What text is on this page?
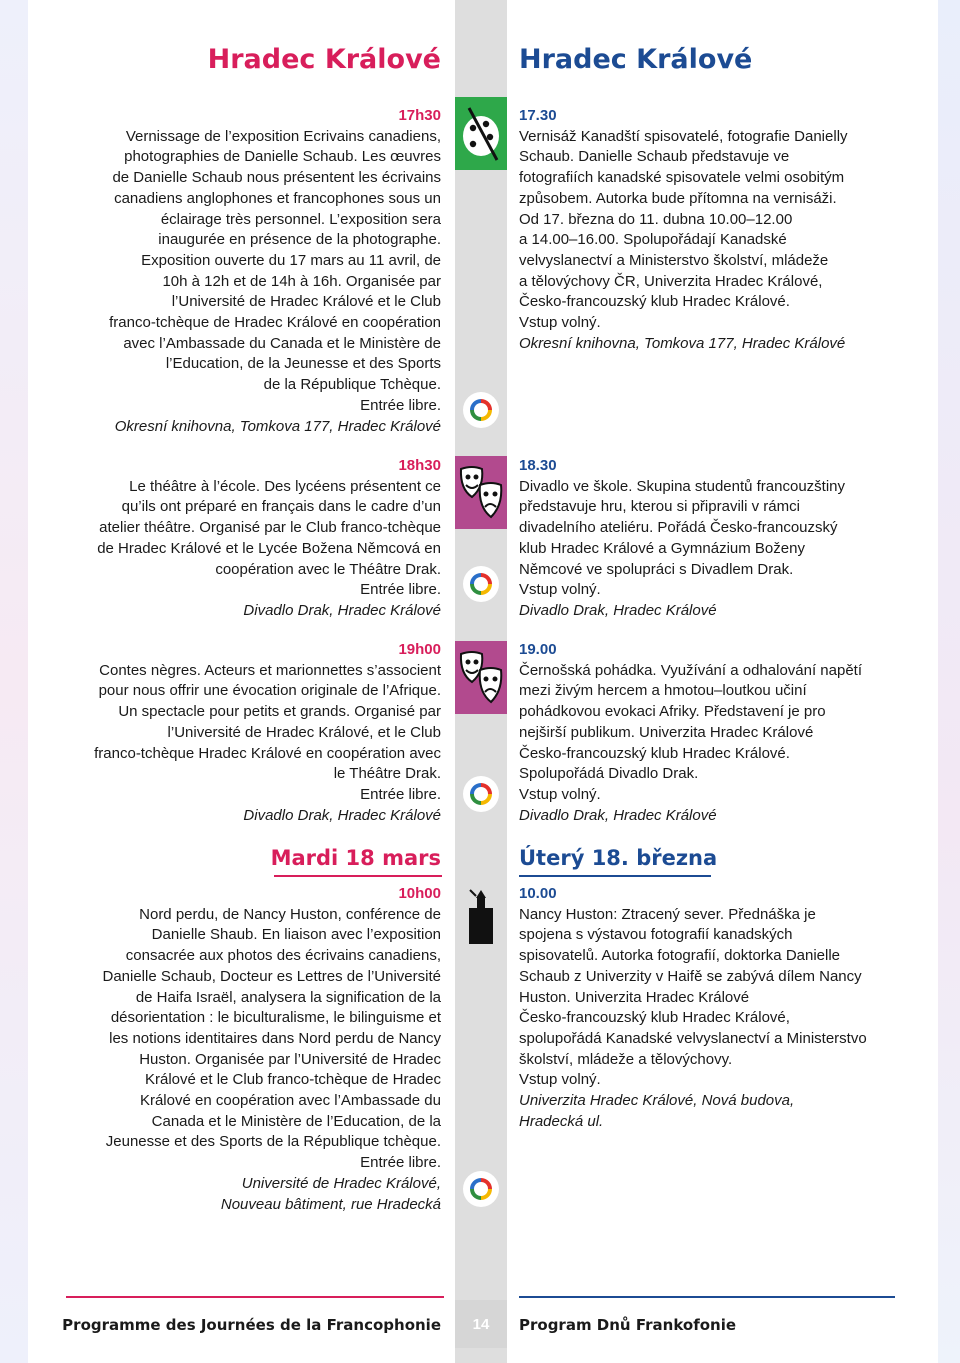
Hradec Králové	Hradec Králové
17h30
Vernissage de l’exposition Ecrivains canadiens,
photographies de Danielle Schaub. Les œuvres
de Danielle Schaub nous présentent les écrivains
canadiens anglophones et francophones sous un
éclairage très personnel. L’exposition sera
inaugurée en présence de la photographe.
Exposition ouverte du 17 mars au 11 avril, de
10h à 12h et de 14h à 16h. Organisée par
l’Université de Hradec Králové et le Club
franco-tchèque de Hradec Králové en coopération
avec l’Ambassade du Canada et le Ministère de
l’Education, de la Jeunesse et des Sports
de la République Tchèque.
Entrée libre.
Okresní knihovna, Tomkova 177, Hradec Králové
17.30
Vernisáž Kanadští spisovatelé, fotografie Danielly
Schaub. Danielle Schaub představuje ve
fotografiích kanadské spisovatele velmi osobitým
způsobem. Autorka bude přítomna na vernisáži.
Od 17. března do 11. dubna 10.00–12.00
a 14.00–16.00. Spolupořádají Kanadské
velvyslanectví a Ministerstvo školství, mládeže
a tělovýchovy ČR, Univerzita Hradec Králové,
Česko-francouzský klub Hradec Králové.
Vstup volný.
Okresní knihovna, Tomkova 177, Hradec Králové
18h30
Le théâtre à l’école. Des lycéens présentent ce
qu’ils ont préparé en français dans le cadre d’un
atelier théâtre. Organisé par le Club franco-tchèque
de Hradec Králové et le Lycée Božena Němcová en
coopération avec le Théâtre Drak.
Entrée libre.
Divadlo Drak, Hradec Králové
18.30
Divadlo ve škole. Skupina studentů francouzštiny
představuje hru, kterou si připravili v rámci
divadelního ateliéru. Pořádá Česko-francouzský
klub Hradec Králové a Gymnázium Boženy
Němcové ve spolupráci s Divadlem Drak.
Vstup volný.
Divadlo Drak, Hradec Králové
19h00
Contes nègres. Acteurs et marionnettes s’associent
pour nous offrir une évocation originale de l’Afrique.
Un spectacle pour petits et grands. Organisé par
l’Université de Hradec Králové, et le Club
franco-tchèque Hradec Králové en coopération avec
le Théâtre Drak.
Entrée libre.
Divadlo Drak, Hradec Králové
19.00
Černošská pohádka. Využívání a odhalování napětí
mezi živým hercem a hmotou–loutkou učiní
pohádkovou evokaci Afriky. Představení je pro
nejširší publikum. Univerzita Hradec Králové
Česko-francouzský klub Hradec Králové.
Spolupořádá Divadlo Drak.
Vstup volný.
Divadlo Drak, Hradec Králové
Mardi 18 mars	Úterý 18. března
10h00
Nord perdu, de Nancy Huston, conférence de
Danielle Shaub. En liaison avec l’exposition
consacrée aux photos des écrivains canadiens,
Danielle Schaub, Docteur es Lettres de l’Université
de Haifa Israël, analysera la signification de la
désorientation : le biculturalisme, le bilinguisme et
les notions identitaires dans Nord perdu de Nancy
Huston. Organisée par l’Université de Hradec
Králové et le Club franco-tchèque de Hradec
Králové en coopération avec l’Ambassade du
Canada et le Ministère de l’Education, de la
Jeunesse et des Sports de la République tchèque.
Entrée libre.
Université de Hradec Králové,
Nouveau bâtiment, rue Hradecká
10.00
Nancy Huston: Ztracený sever. Přednáška je
spojena s výstavou fotografií kanadských
spisovatelů. Autorka fotografií, doktorka Danielle
Schaub z Univerzity v Haifě se zabývá dílem Nancy
Huston. Univerzita Hradec Králové
Česko-francouzský klub Hradec Králové,
spolupořádá Kanadské velvyslanectví a Ministerstvo
školství, mládeže a tělovýchovy.
Vstup volný.
Univerzita Hradec Králové, Nová budova,
Hradecká ul.
Programme des Journées de la Francophonie	14	Program Dnů Frankofonie
